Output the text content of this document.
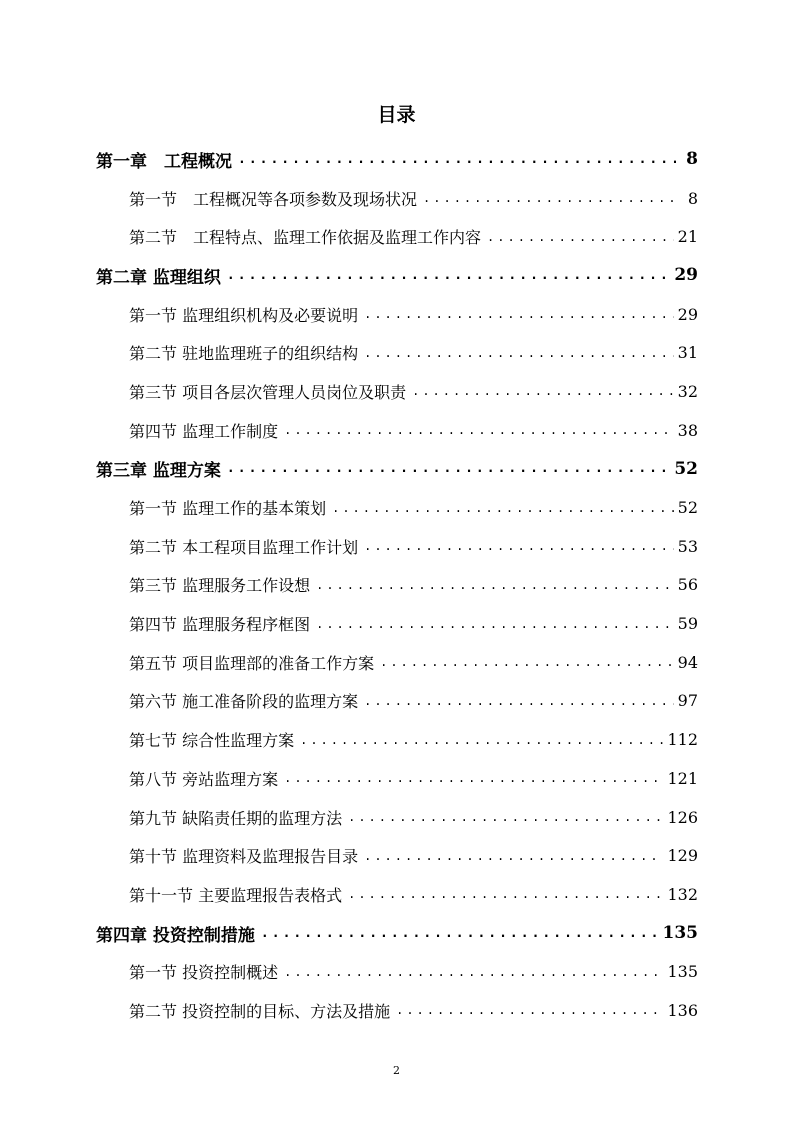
目录
第一章　工程概况 .....	8
第一节　工程概况等各项参数及现场状况 .....	8
第二节　工程特点、监理工作依据及监理工作内容 .....	21
第二章 监理组织 .....	29
第一节 监理组织机构及必要说明 .....	29
第二节 驻地监理班子的组织结构 .....	31
第三节 项目各层次管理人员岗位及职责 .....	32
第四节 监理工作制度 .....	38
第三章 监理方案 .....	52
第一节 监理工作的基本策划 .....	52
第二节 本工程项目监理工作计划 .....	53
第三节 监理服务工作设想 .....	56
第四节 监理服务程序框图 .....	59
第五节 项目监理部的准备工作方案 .....	94
第六节 施工准备阶段的监理方案 .....	97
第七节 综合性监理方案 .....	112
第八节 旁站监理方案 .....	121
第九节 缺陷责任期的监理方法 .....	126
第十节 监理资料及监理报告目录 .....	129
第十一节 主要监理报告表格式 .....	132
第四章 投资控制措施 .....	135
第一节 投资控制概述 .....	135
第二节 投资控制的目标、方法及措施 .....	136
2
